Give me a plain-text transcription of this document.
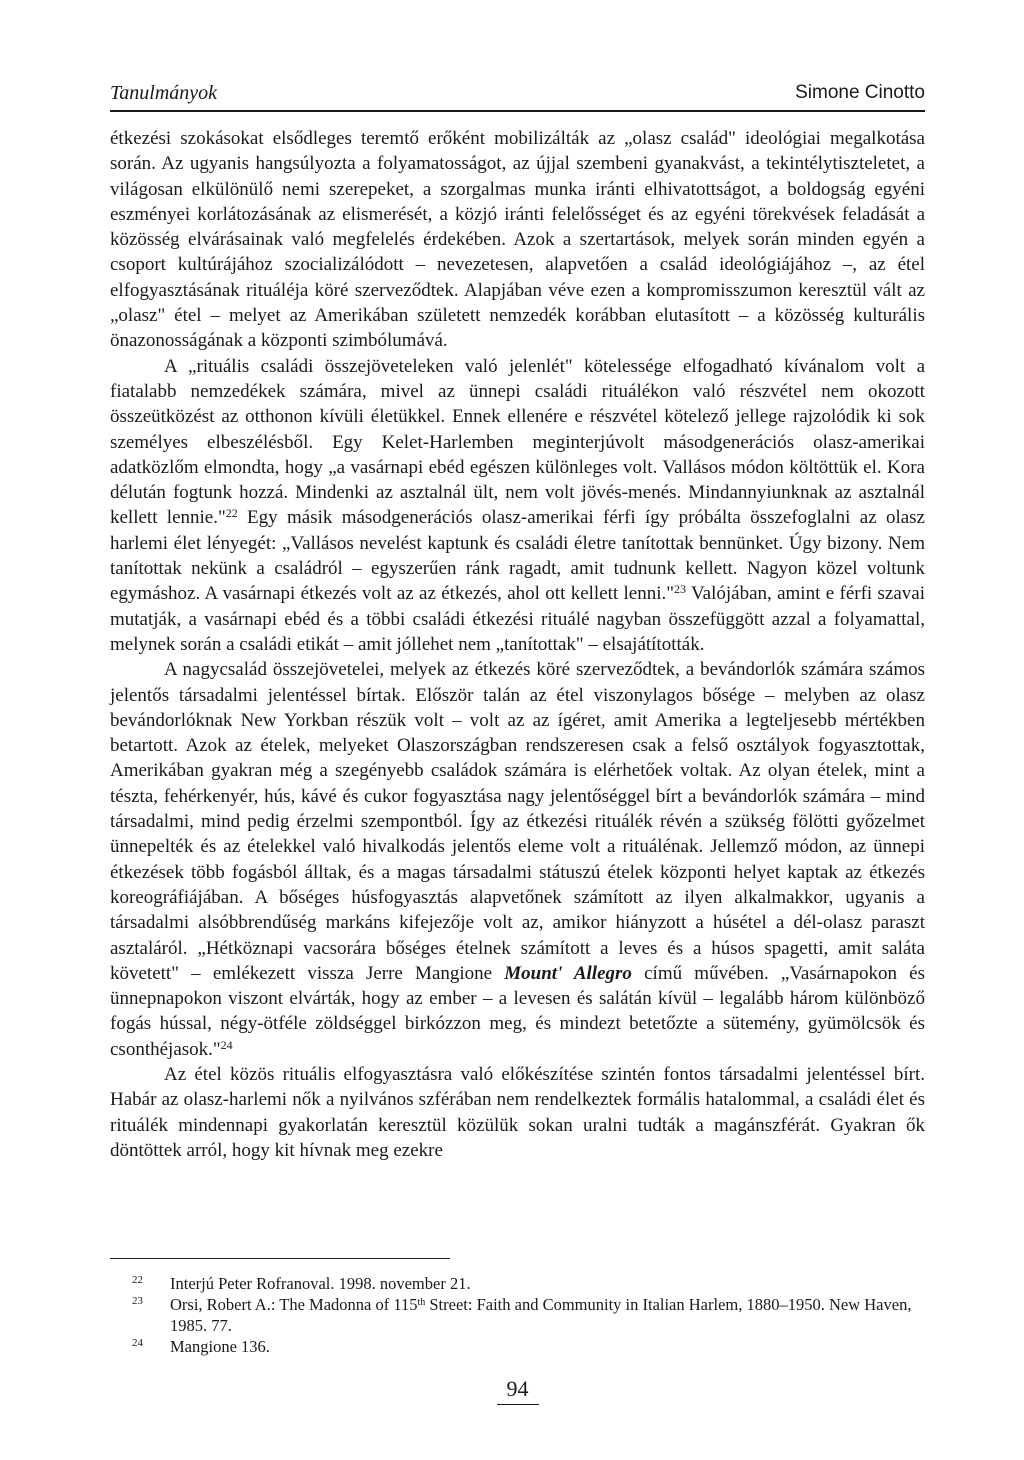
Tanulmányok	Simone Cinotto

étkezési szokásokat elsődleges teremtő erőként mobilizálták az „olasz család" ideológiai megalkotása során. Az ugyanis hangsúlyozta a folyamatosságot, az újjal szembeni gyanakvást, a tekintélytiszteletet, a világosan elkülönülő nemi szerepeket, a szorgalmas munka iránti elhivatottságot, a boldogság egyéni eszményei korlátozásának az elismerését, a közjó iránti felelősséget és az egyéni törekvések feladását a közösség elvárásainak való megfelelés érdekében. Azok a szertartások, melyek során minden egyén a csoport kultúrájához szocializálódott – nevezetesen, alapvetően a család ideológiájához –, az étel elfogyasztásának rituáléja köré szerveződtek. Alapjában véve ezen a kompromisszumon keresztül vált az „olasz" étel – melyet az Amerikában született nemzedék korábban elutasított – a közösség kulturális önazonosságának a központi szimbólumává.

A „rituális családi összejöveteleken való jelenlét" kötelessége elfogadható kívánalom volt a fiatalabb nemzedékek számára, mivel az ünnepi családi rituálékon való részvétel nem okozott összeütközést az otthonon kívüli életükkel. Ennek ellenére e részvétel kötelező jellege rajzolódik ki sok személyes elbeszélésből. Egy Kelet-Harlemben meginterjúvolt másodgenerációs olasz-amerikai adatközlőm elmondta, hogy „a vasárnapi ebéd egészen különleges volt. Vallásos módon költöttük el. Kora délután fogtunk hozzá. Mindenki az asztalnál ült, nem volt jövés-menés. Mindannyiunknak az asztalnál kellett lennie."$^{22}$ Egy másik másodgenerációs olasz-amerikai férfi így próbálta összefoglalni az olasz harlemi élet lényegét: „Vallásos nevelést kaptunk és családi életre tanítottak bennünket. Úgy bizony. Nem tanítottak nekünk a családról – egyszerűen ránk ragadt, amit tudnunk kellett. Nagyon közel voltunk egymáshoz. A vasárnapi étkezés volt az az étkezés, ahol ott kellett lenni."$^{23}$ Valójában, amint e férfi szavai mutatják, a vasárnapi ebéd és a többi családi étkezési rituálé nagyban összefüggött azzal a folyamattal, melynek során a családi etikát – amit jóllehet nem „tanítottak" – elsajátították.

A nagycsalád összejövetelei, melyek az étkezés köré szerveződtek, a bevándorlók számára számos jelentős társadalmi jelentéssel bírtak. Először talán az étel viszonylagos bősége – melyben az olasz bevándorlóknak New Yorkban részük volt – volt az az ígéret, amit Amerika a legteljesebb mértékben betartott. Azok az ételek, melyeket Olaszországban rendszeresen csak a felső osztályok fogyasztottak, Amerikában gyakran még a szegényebb családok számára is elérhetőek voltak. Az olyan ételek, mint a tészta, fehérkenyér, hús, kávé és cukor fogyasztása nagy jelentőséggel bírt a bevándorlók számára – mind társadalmi, mind pedig érzelmi szempontból. Így az étkezési rituálék révén a szükség fölötti győzelmet ünnepelték és az ételekkel való hivalkodás jelentős eleme volt a rituálénak. Jellemző módon, az ünnepi étkezések több fogásból álltak, és a magas társadalmi státuszú ételek központi helyet kaptak az étkezés koreográfiájában. A bőséges húsfogyasztás alapvetőnek számított az ilyen alkalmakkor, ugyanis a társadalmi alsóbbrendűség markáns kifejezője volt az, amikor hiányzott a húsétel a dél-olasz paraszt asztaláról. „Hétköznapi vacsorára bőséges ételnek számított a leves és a húsos spagetti, amit saláta követett" – emlékezett vissza Jerre Mangione Mount' Allegro című művében. „Vasárnapokon és ünnepnapokon viszont elvárták, hogy az ember – a levesen és salátán kívül – legalább három különböző fogás hússal, négy-ötféle zöldséggel birkózzon meg, és mindezt betetőzte a sütemény, gyümölcsök és csonthéjasok."$^{24}$

Az étel közös rituális elfogyasztásra való előkészítése szintén fontos társadalmi jelentéssel bírt. Habár az olasz-harlemi nők a nyilvános szférában nem rendelkeztek formális hatalommal, a családi élet és rituálék mindennapi gyakorlatán keresztül közülük sokan uralni tudták a magánszférát. Gyakran ők döntöttek arról, hogy kit hívnak meg ezekre

22 Interjú Peter Rofranoval. 1998. november 21.

23 Orsi, Robert A.: The Madonna of 115th Street: Faith and Community in Italian Harlem, 1880–1950. New Haven, 1985. 77.

24 Mangione 136.

94
